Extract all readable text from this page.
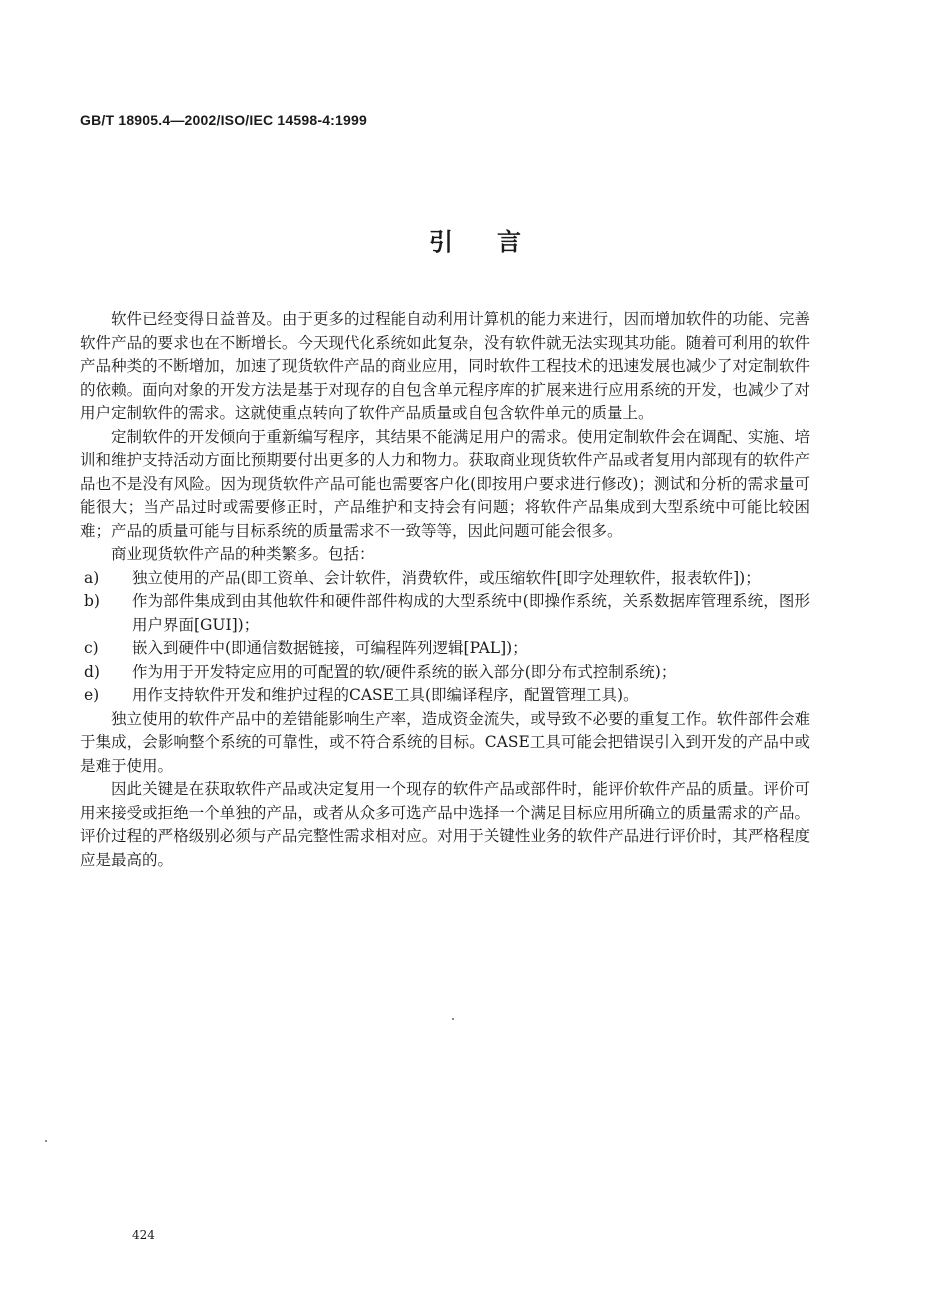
GB/T 18905.4—2002/ISO/IEC 14598-4:1999
引言

软件已经变得日益普及。由于更多的过程能自动利用计算机的能力来进行，因而增加软件的功能、完善软件产品的要求也在不断增长。今天现代化系统如此复杂，没有软件就无法实现其功能。随着可利用的软件产品种类的不断增加，加速了现货软件产品的商业应用，同时软件工程技术的迅速发展也减少了对定制软件的依赖。面向对象的开发方法是基于对现存的自包含单元程序库的扩展来进行应用系统的开发，也减少了对用户定制软件的需求。这就使重点转向了软件产品质量或自包含软件单元的质量上。

定制软件的开发倾向于重新编写程序，其结果不能满足用户的需求。使用定制软件会在调配、实施、培训和维护支持活动方面比预期要付出更多的人力和物力。获取商业现货软件产品或者复用内部现有的软件产品也不是没有风险。因为现货软件产品可能也需要客户化(即按用户要求进行修改)；测试和分析的需求量可能很大；当产品过时或需要修正时，产品维护和支持会有问题；将软件产品集成到大型系统中可能比较困难；产品的质量可能与目标系统的质量需求不一致等等，因此问题可能会很多。

商业现货软件产品的种类繁多。包括：

a)	独立使用的产品(即工资单、会计软件，消费软件，或压缩软件[即字处理软件，报表软件])；
b)	作为部件集成到由其他软件和硬件部件构成的大型系统中(即操作系统，关系数据库管理系统，图形用户界面[GUI])；
c)	嵌入到硬件中(即通信数据链接，可编程阵列逻辑[PAL])；
d)	作为用于开发特定应用的可配置的软/硬件系统的嵌入部分(即分布式控制系统)；
e)	用作支持软件开发和维护过程的CASE工具(即编译程序，配置管理工具)。

独立使用的软件产品中的差错能影响生产率，造成资金流失，或导致不必要的重复工作。软件部件会难于集成，会影响整个系统的可靠性，或不符合系统的目标。CASE工具可能会把错误引入到开发的产品中或是难于使用。

因此关键是在获取软件产品或决定复用一个现存的软件产品或部件时，能评价软件产品的质量。评价可用来接受或拒绝一个单独的产品，或者从众多可选产品中选择一个满足目标应用所确立的质量需求的产品。评价过程的严格级别必须与产品完整性需求相对应。对用于关键性业务的软件产品进行评价时，其严格程度应是最高的。

424
